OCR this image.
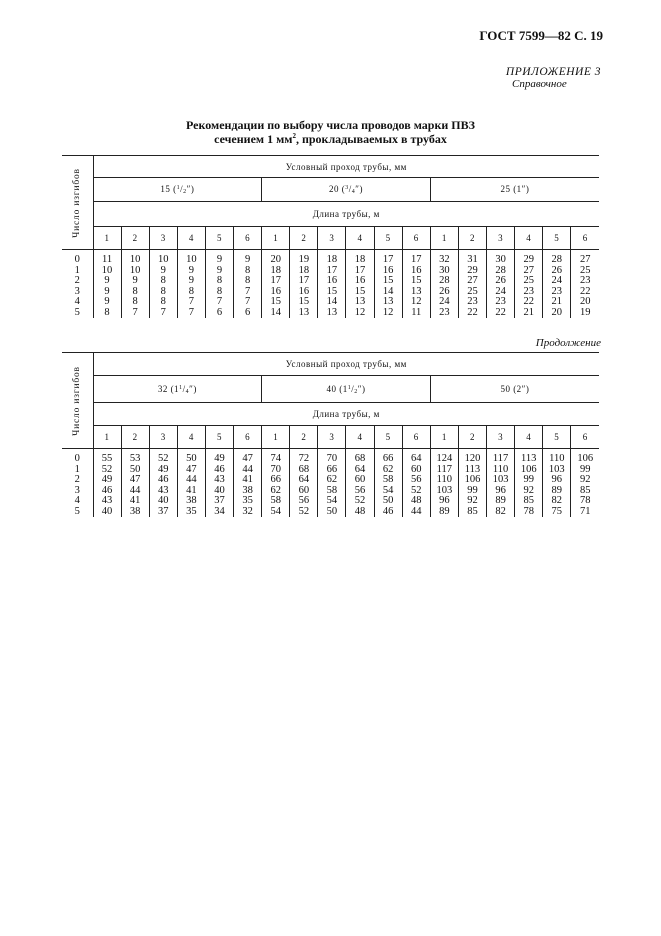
ГОСТ 7599—82 С. 19
ПРИЛОЖЕНИЕ 3
Справочное
Рекомендации по выбору числа проводов марки ПВЗ
сечением 1 $мм^2$, прокладываемых в трубах
Число изгибов	Условный проход трубы, мм																	
	15 $(^1/_2'')$						20 $(^3/_4'')$						25 (1″)					
	Длина трубы, м																	
	1	2	3	4	5	6	1	2	3	4	5	6	1	2	3	4	5	6
0	11	10	10	10	9	9	20	19	18	18	17	17	32	31	30	29	28	27
1	10	10	9	9	9	8	18	18	17	17	16	16	30	29	28	27	26	25
2	9	9	8	9	8	8	17	17	16	16	15	15	28	27	26	25	24	23
3	9	8	8	8	8	7	16	16	15	15	14	13	26	25	24	23	23	22
4	9	8	8	7	7	7	15	15	14	13	13	12	24	23	23	22	21	20
5	8	7	7	7	6	6	14	13	13	12	12	11	23	22	22	21	20	19
Продолжение
Число изгибов	Условный проход трубы, мм																	
	32 $(1^1/_4'')$						40 $(1^1/_2'')$						50 (2″)					
	Длина трубы, м																	
	1	2	3	4	5	6	1	2	3	4	5	6	1	2	3	4	5	6
0	55	53	52	50	49	47	74	72	70	68	66	64	124	120	117	113	110	106
1	52	50	49	47	46	44	70	68	66	64	62	60	117	113	110	106	103	99
2	49	47	46	44	43	41	66	64	62	60	58	56	110	106	103	99	96	92
3	46	44	43	41	40	38	62	60	58	56	54	52	103	99	96	92	89	85
4	43	41	40	38	37	35	58	56	54	52	50	48	96	92	89	85	82	78
5	40	38	37	35	34	32	54	52	50	48	46	44	89	85	82	78	75	71
